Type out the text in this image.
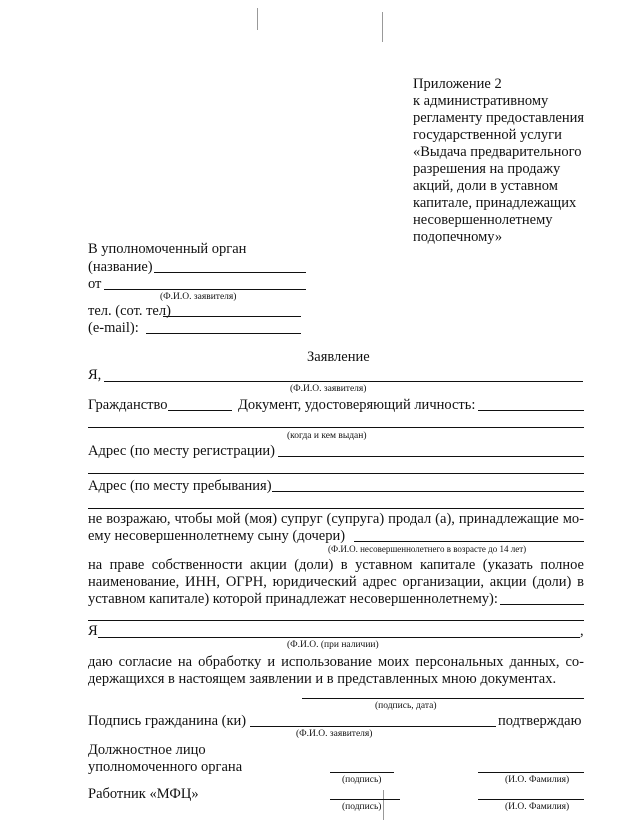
Приложение 2
к административному
регламенту предоставления
государственной услуги
«Выдача предварительного
разрешения на продажу
акций, доли в уставном
капитале, принадлежащих
несовершеннолетнему
подопечному»
В уполномоченный орган
(название)
от
(Ф.И.О. заявителя)
тел. (сот. тел)
(e-mail):
Заявление
Я,
(Ф.И.О. заявителя)
Гражданство	Документ, удостоверяющий личность:
(когда и кем выдан)
Адрес (по месту регистрации)
Адрес (по месту пребывания)
не возражаю, чтобы мой (моя) супруг (супруга) продал (а), принадлежащие мо-
ему несовершеннолетнему сыну (дочери)
(Ф.И.О. несовершеннолетнего в возрасте до 14 лет)
на праве собственности акции (доли) в уставном капитале (указать полное
наименование, ИНН, ОГРН, юридический адрес организации, акции (доли) в
уставном капитале) которой принадлежат несовершеннолетнему):
Я	,
(Ф.И.О. (при наличии)
даю согласие на обработку и использование моих персональных данных, со-
держащихся в настоящем заявлении и в представленных мною документах.
(подпись, дата)
Подпись гражданина (ки)	подтверждаю
(Ф.И.О. заявителя)
Должностное лицо
уполномоченного органа
(подпись)	(И.О. Фамилия)
Работник «МФЦ»
(подпись)	(И.О. Фамилия)
